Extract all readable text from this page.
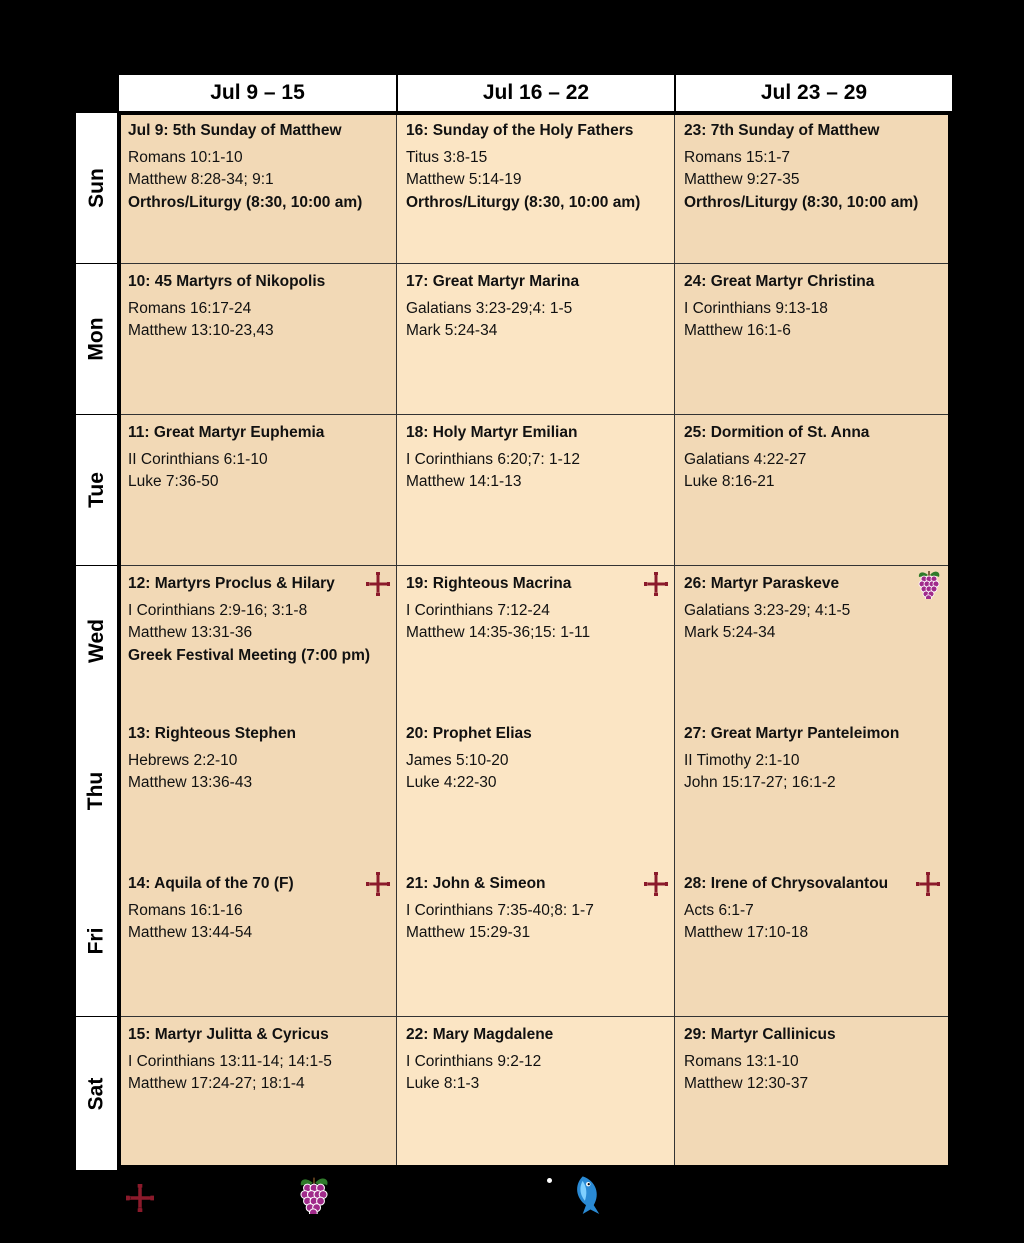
Jul 9 – 15	Jul 16 – 22	Jul 23 – 29
Sun
Mon
Tue
Wed
Thu
Fri
Sat
Jul 9: 5th Sunday of Matthew
Romans 10:1-10
Matthew 8:28-34; 9:1
Orthros/Liturgy (8:30, 10:00 am)
16: Sunday of the Holy Fathers
Titus 3:8-15
Matthew 5:14-19
Orthros/Liturgy (8:30, 10:00 am)
23: 7th Sunday of Matthew
Romans 15:1-7
Matthew 9:27-35
Orthros/Liturgy (8:30, 10:00 am)
10: 45 Martyrs of Nikopolis
Romans 16:17-24
Matthew 13:10-23,43
17: Great Martyr Marina
Galatians 3:23-29;4: 1-5
Mark 5:24-34
24: Great Martyr Christina
I Corinthians 9:13-18
Matthew 16:1-6
11: Great Martyr Euphemia
II Corinthians 6:1-10
Luke 7:36-50
18: Holy Martyr Emilian
I Corinthians 6:20;7: 1-12
Matthew 14:1-13
25: Dormition of St. Anna
Galatians 4:22-27
Luke 8:16-21
12: Martyrs Proclus & Hilary
I Corinthians 2:9-16; 3:1-8
Matthew 13:31-36
Greek Festival Meeting (7:00 pm)
19: Righteous Macrina
I Corinthians 7:12-24
Matthew 14:35-36;15: 1-11
26: Martyr Paraskeve
Galatians 3:23-29; 4:1-5
Mark 5:24-34
13: Righteous Stephen
Hebrews 2:2-10
Matthew 13:36-43
20: Prophet Elias
James 5:10-20
Luke 4:22-30
27: Great Martyr Panteleimon
II Timothy 2:1-10
John 15:17-27; 16:1-2
14: Aquila of the 70 (F)
Romans 16:1-16
Matthew 13:44-54
21: John & Simeon
I Corinthians 7:35-40;8: 1-7
Matthew 15:29-31
28: Irene of Chrysovalantou
Acts 6:1-7
Matthew 17:10-18
15: Martyr Julitta & Cyricus
I Corinthians 13:11-14; 14:1-5
Matthew 17:24-27; 18:1-4
22: Mary Magdalene
I Corinthians 9:2-12
Luke 8:1-3
29: Martyr Callinicus
Romans 13:1-10
Matthew 12:30-37
